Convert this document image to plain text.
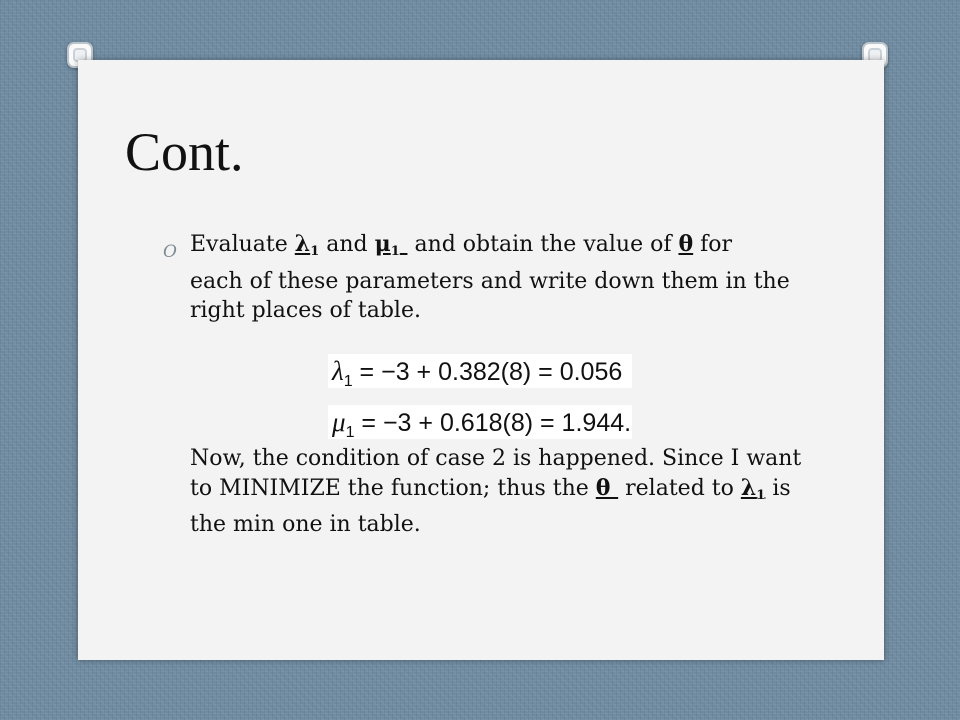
Cont.
O Evaluate $\lambda_1$ and $\mu_1$  and obtain the value of θ for each of these parameters and write down them in the right places of table.

$\lambda_1 = -3 + 0.382(8) = 0.056$
$\mu_1 = -3 + 0.618(8) = 1.944$.

Now, the condition of case 2 is happened. Since I want to MINIMIZE the function; thus the θ  related to $\lambda_1$ is the min one in table.
